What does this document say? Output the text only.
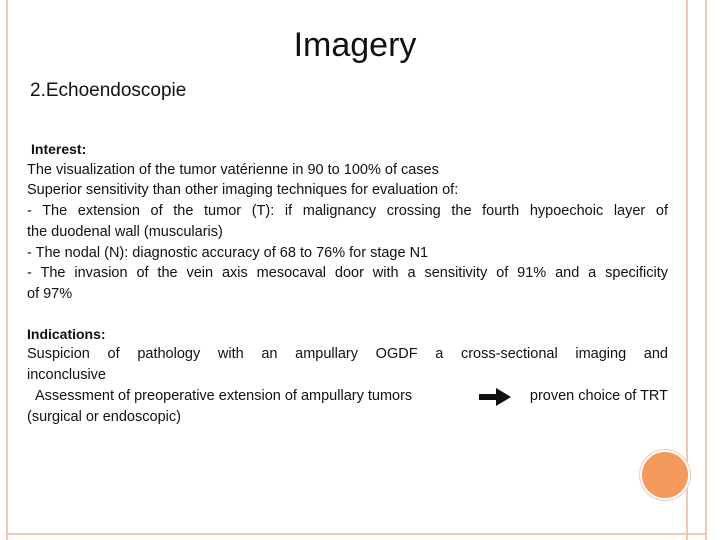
Imagery
2.Echoendoscopie

Interest:

The visualization of the tumor vatérienne in 90 to 100% of cases

Superior sensitivity than other imaging techniques for evaluation of:

- The extension of the tumor (T): if malignancy crossing the fourth hypoechoic layer of

the duodenal wall (muscularis)

- The nodal (N): diagnostic accuracy of 68 to 76% for stage N1

- The invasion of the vein axis mesocaval door with a sensitivity of 91% and a specificity

of 97%

Indications:

Suspicion of pathology with an ampullary OGDF a cross-sectional imaging and

inconclusive

Assessment of preoperative extension of ampullary tumors	proven choice of TRT

(surgical or endoscopic)
